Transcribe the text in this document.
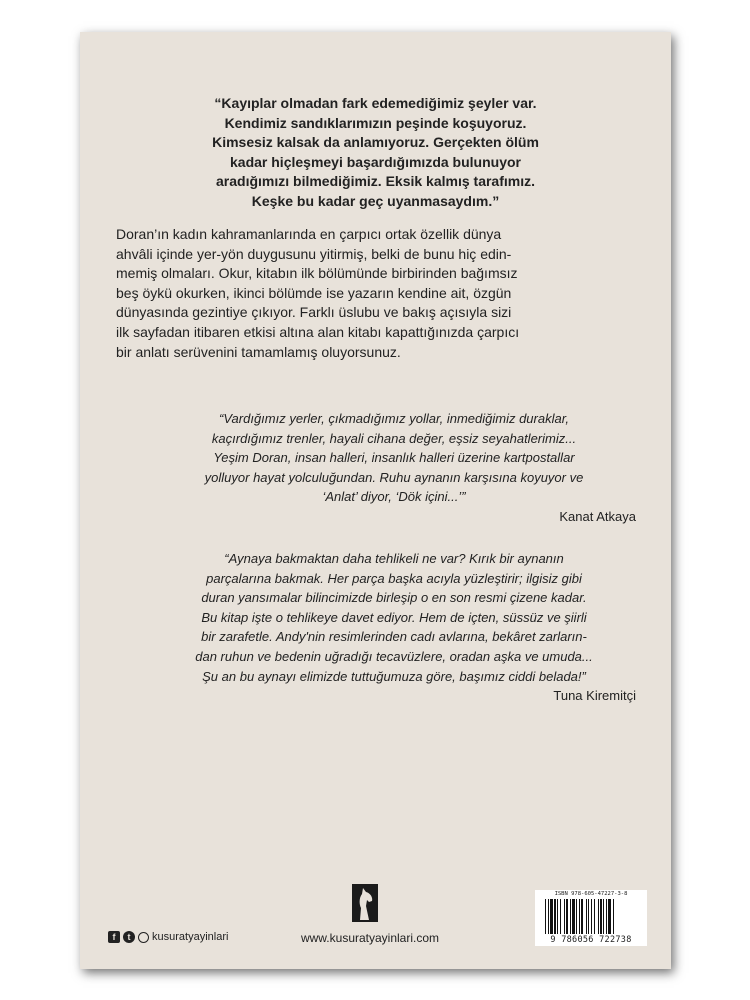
“Kayıplar olmadan fark edemediğimiz şeyler var.
Kendimiz sandıklarımızın peşinde koşuyoruz.
Kimsesiz kalsak da anlamıyoruz. Gerçekten ölüm
kadar hiçleşmeyi başardığımızda bulunuyor
aradığımızı bilmediğimiz. Eksik kalmış tarafımız.
Keşke bu kadar geç uyanmasaydım.”

Doran’ın kadın kahramanlarında en çarpıcı ortak özellik dünya
ahvâli içinde yer-yön duygusunu yitirmiş, belki de bunu hiç edin-
memiş olmaları. Okur, kitabın ilk bölümünde birbirinden bağımsız
beş öykü okurken, ikinci bölümde ise yazarın kendine ait, özgün
dünyasında gezintiye çıkıyor. Farklı üslubu ve bakış açısıyla sizi
ilk sayfadan itibaren etkisi altına alan kitabı kapattığınızda çarpıcı
bir anlatı serüvenini tamamlamış oluyorsunuz.

“Vardığımız yerler, çıkmadığımız yollar, inmediğimiz duraklar,
kaçırdığımız trenler, hayali cihana değer, eşsiz seyahatlerimiz...
Yeşim Doran, insan halleri, insanlık halleri üzerine kartpostallar
yolluyor hayat yolculuğundan. Ruhu aynanın karşısına koyuyor ve
‘Anlat’ diyor, ‘Dök içini...’”
Kanat Atkaya

“Aynaya bakmaktan daha tehlikeli ne var? Kırık bir aynanın
parçalarına bakmak. Her parça başka acıyla yüzleştirir; ilgisiz gibi
duran yansımalar bilincimizde birleşip o en son resmi çizene kadar.
Bu kitap işte o tehlikeye davet ediyor. Hem de içten, süssüz ve şiirli
bir zarafetle. Andy'nin resimlerinden cadı avlarına, bekâret zarların-
dan ruhun ve bedenin uğradığı tecavüzlere, oradan aşka ve umuda...
Şu an bu aynayı elimizde tuttuğumuza göre, başımız ciddi belada!”
Tuna Kiremitçi

f	t	kusuratyayinlari	www.kusuratyayinlari.com
ISBN 978-605-47227-3-8
9 786056 722738
